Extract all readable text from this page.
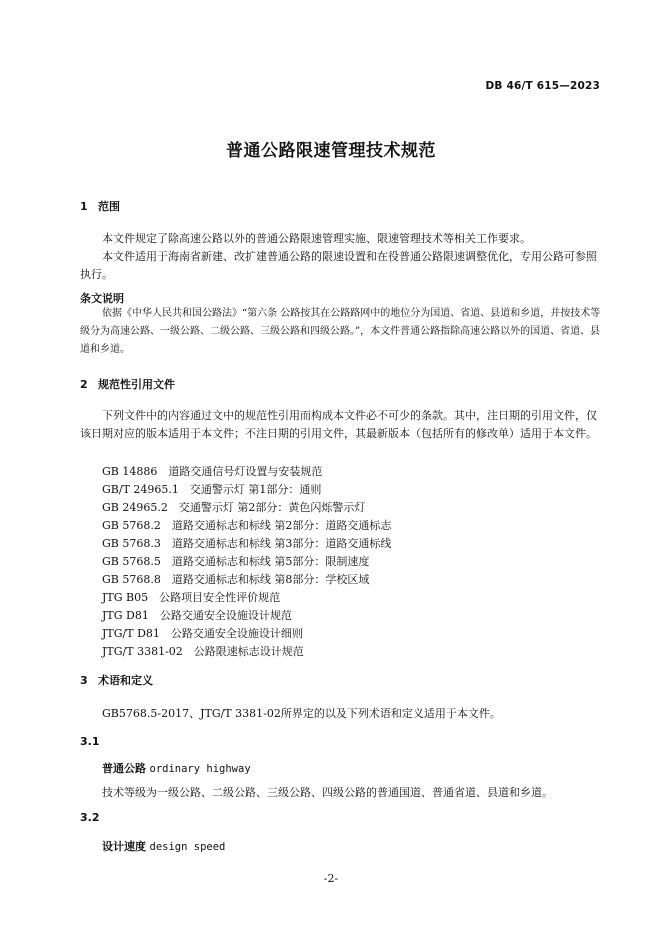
DB 46/T 615—2023
普通公路限速管理技术规范
1 范围
本文件规定了除高速公路以外的普通公路限速管理实施、限速管理技术等相关工作要求。
本文件适用于海南省新建、改扩建普通公路的限速设置和在役普通公路限速调整优化，专用公路可参照执行。
条文说明
依据《中华人民共和国公路法》“第六条 公路按其在公路路网中的地位分为国道、省道、县道和乡道，并按技术等级分为高速公路、一级公路、二级公路、三级公路和四级公路。”，本文件普通公路指除高速公路以外的国道、省道、县道和乡道。
2 规范性引用文件
下列文件中的内容通过文中的规范性引用而构成本文件必不可少的条款。其中，注日期的引用文件，仅该日期对应的版本适用于本文件；不注日期的引用文件，其最新版本（包括所有的修改单）适用于本文件。
GB 14886　道路交通信号灯设置与安装规范
GB/T 24965.1　交通警示灯 第1部分：通则
GB 24965.2　交通警示灯 第2部分：黄色闪烁警示灯
GB 5768.2　道路交通标志和标线 第2部分：道路交通标志
GB 5768.3　道路交通标志和标线 第3部分：道路交通标线
GB 5768.5　道路交通标志和标线 第5部分：限制速度
GB 5768.8　道路交通标志和标线 第8部分：学校区域
JTG B05　公路项目安全性评价规范
JTG D81　公路交通安全设施设计规范
JTG/T D81　公路交通安全设施设计细则
JTG/T 3381-02　公路限速标志设计规范
3 术语和定义
GB5768.5-2017、JTG/T 3381-02所界定的以及下列术语和定义适用于本文件。
3.1
普通公路 ordinary highway
技术等级为一级公路、二级公路、三级公路、四级公路的普通国道、普通省道、县道和乡道。
3.2
设计速度 design speed
-2-
